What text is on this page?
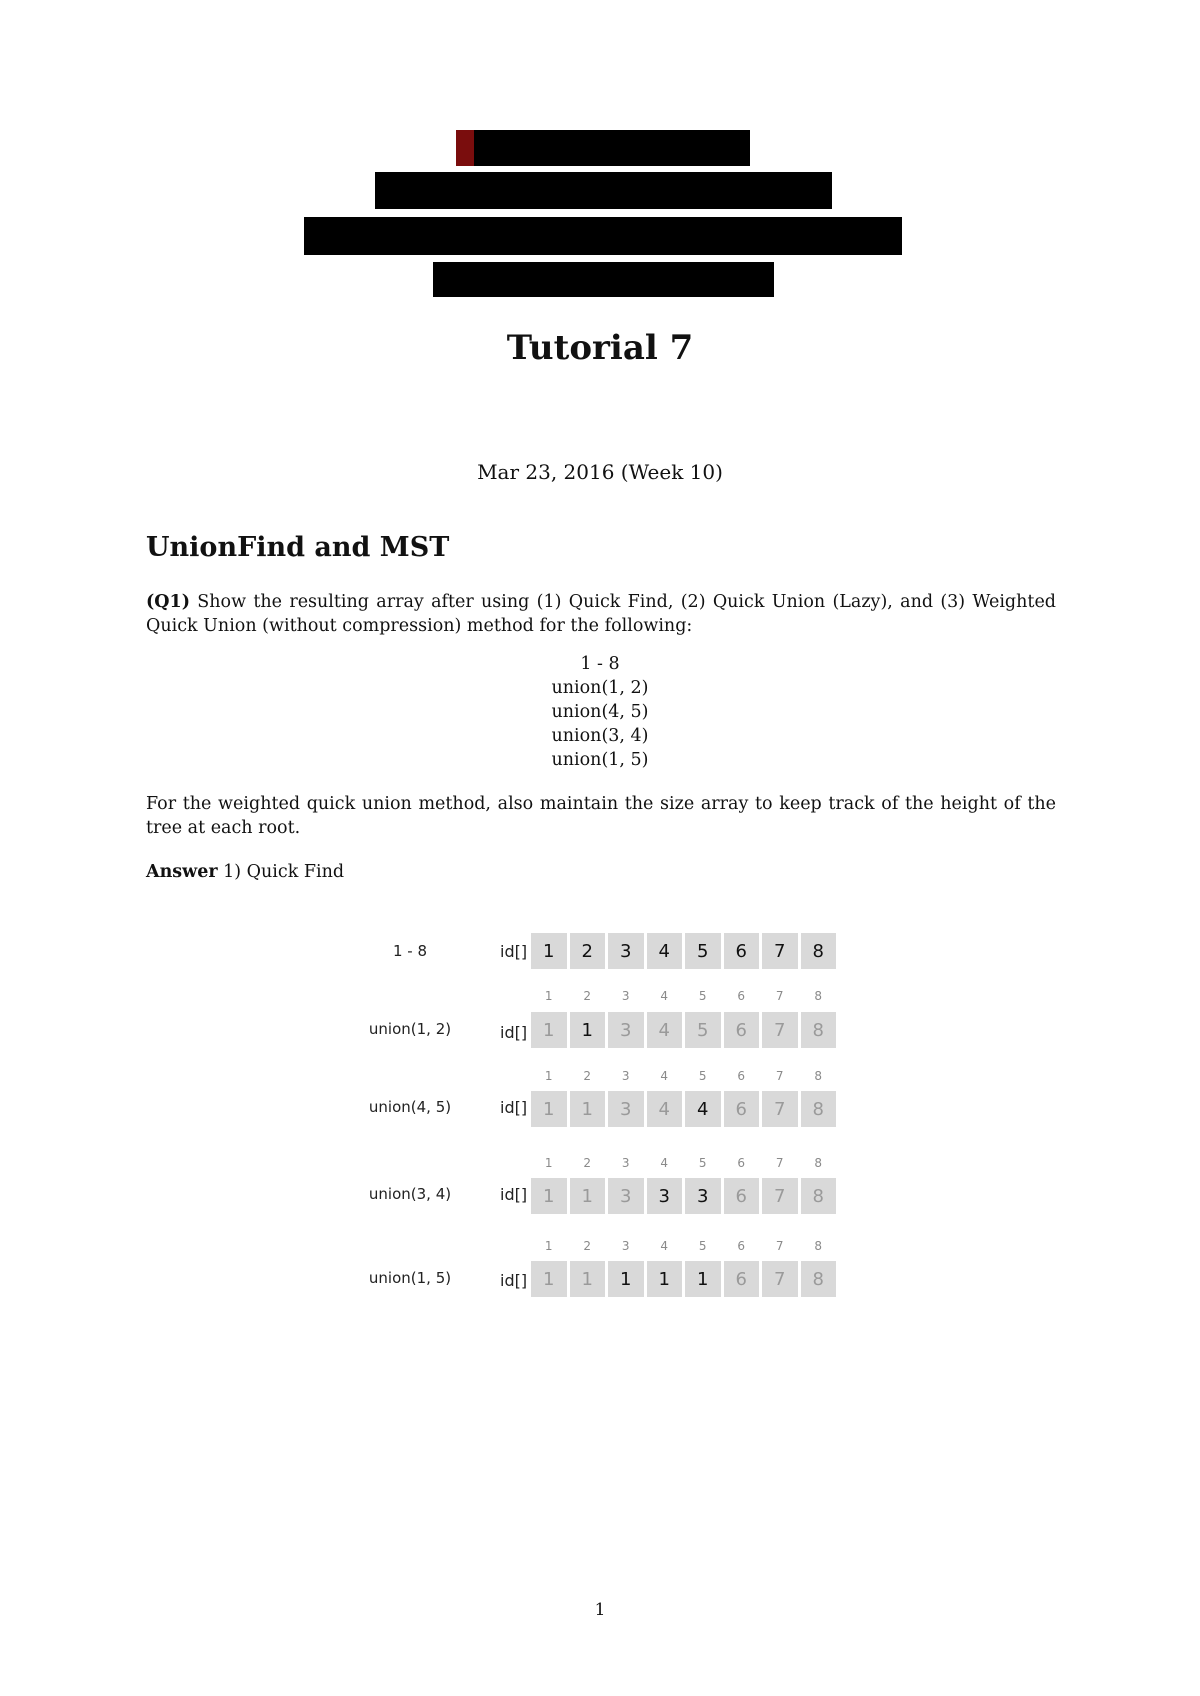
Tutorial 7
Mar 23, 2016 (Week 10)
UnionFind and MST
(Q1) Show the resulting array after using (1) Quick Find, (2) Quick Union (Lazy), and (3) Weighted Quick Union (without compression) method for the following:
1 - 8
union(1, 2)
union(4, 5)
union(3, 4)
union(1, 5)
For the weighted quick union method, also maintain the size array to keep track of the height of the tree at each root.
Answer 1) Quick Find
1 - 8	id[] 1	2	3	4	5	6	7	8
1	2	3	4	5	6	7	8
union(1, 2)	id[] 1	1	3	4	5	6	7	8
1	2	3	4	5	6	7	8
union(4, 5)	id[] 1	1	3	4	4	6	7	8
1	2	3	4	5	6	7	8
union(3, 4)	id[] 1	1	3	3	3	6	7	8
1	2	3	4	5	6	7	8
union(1, 5)	id[] 1	1	1	1	1	6	7	8
1
